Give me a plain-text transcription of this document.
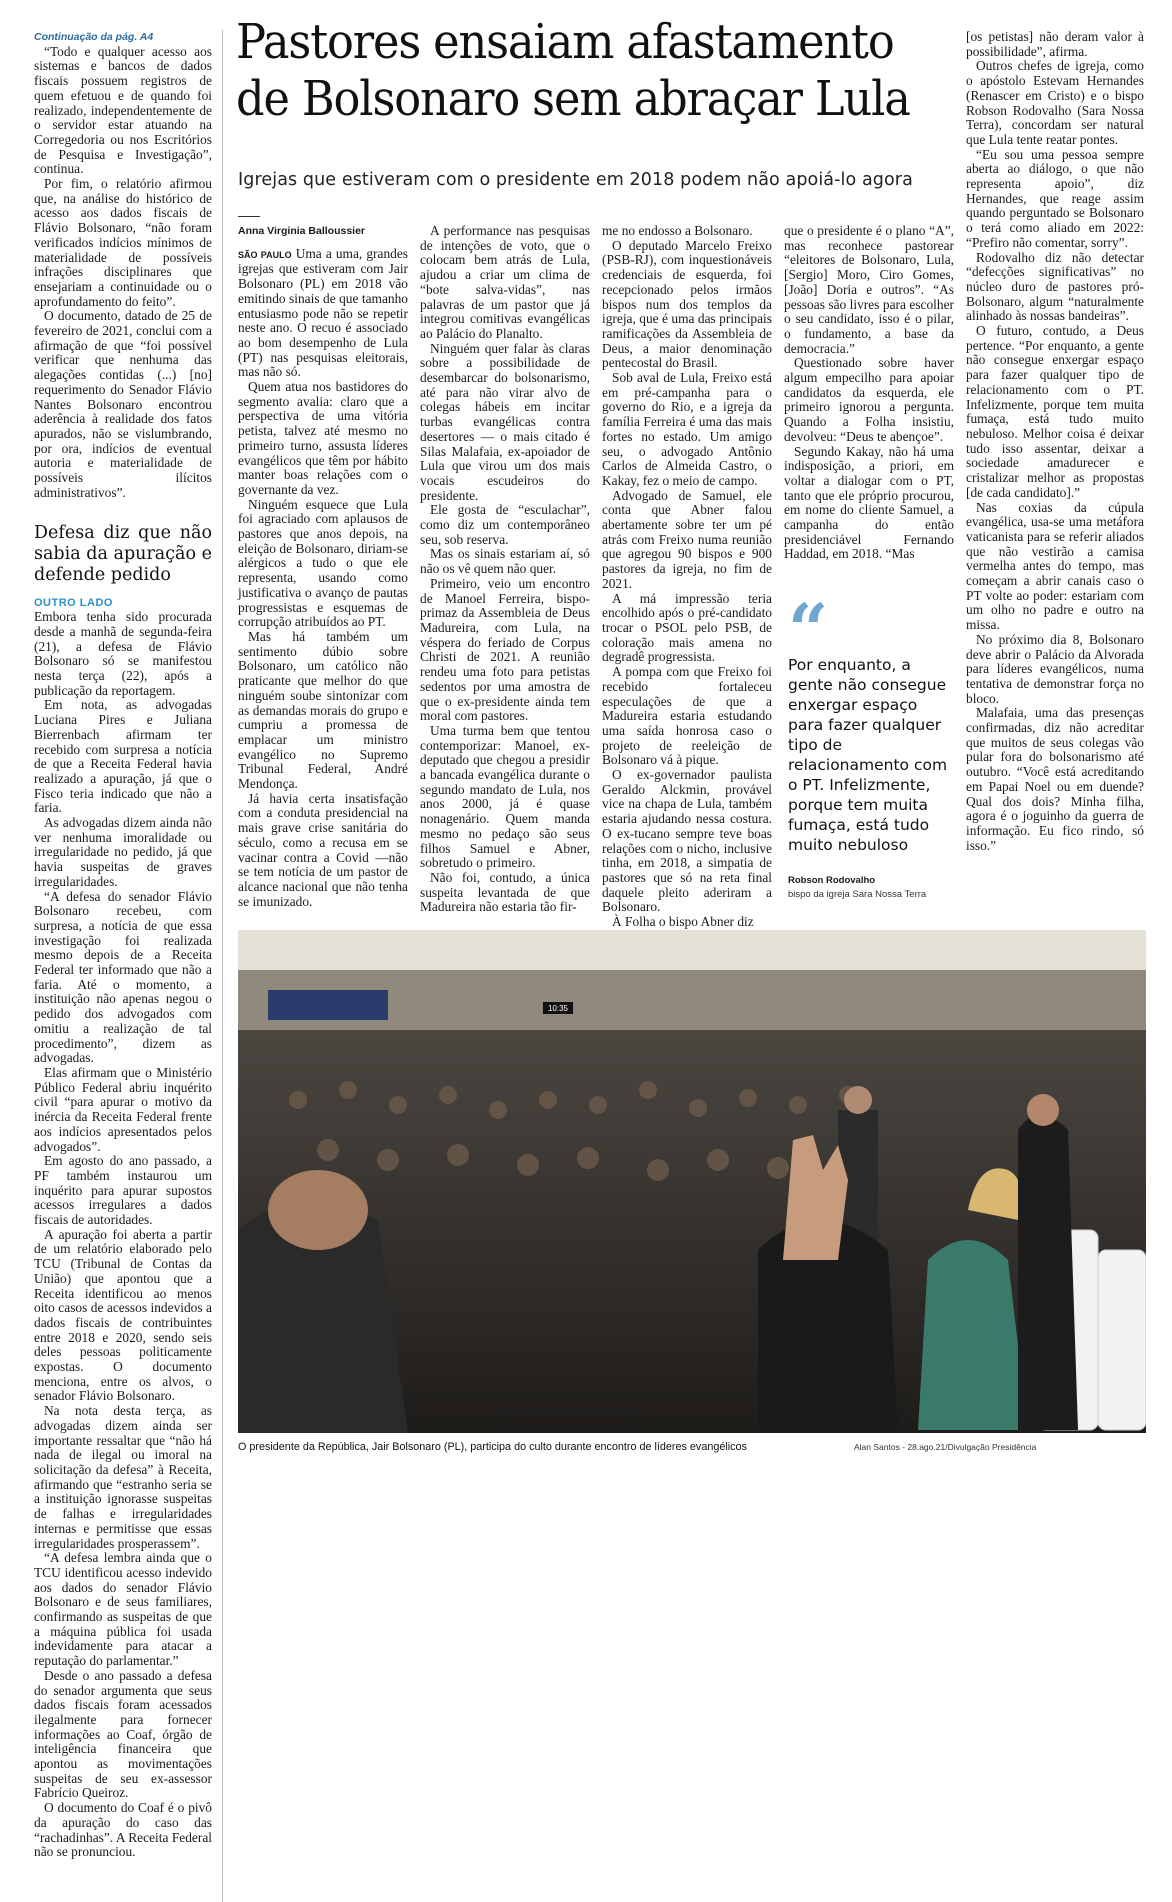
Continuação da pág. A4

“Todo e qualquer acesso aos sistemas e bancos de dados fiscais possuem registros de quem efetuou e de quando foi realizado, independentemente de o servidor estar atuando na Corregedoria ou nos Escritórios de Pesquisa e Investigação”, continua.

Por fim, o relatório afirmou que, na análise do histórico de acesso aos dados fiscais de Flávio Bolsonaro, “não foram verificados indícios mínimos de materialidade de possíveis infrações disciplinares que ensejariam a continuidade ou o aprofundamento do feito”.

O documento, datado de 25 de fevereiro de 2021, conclui com a afirmação de que “foi possível verificar que nenhuma das alegações contidas (...) [no] requerimento do Senador Flávio Nantes Bolsonaro encontrou aderência à realidade dos fatos apurados, não se vislumbrando, por ora, indícios de eventual autoria e materialidade de possíveis ilícitos administrativos”.

Defesa diz que não sabia da apuração e defende pedido
OUTRO LADO

Embora tenha sido procurada desde a manhã de segunda-feira (21), a defesa de Flávio Bolsonaro só se manifestou nesta terça (22), após a publicação da reportagem.

Em nota, as advogadas Luciana Pires e Juliana Bierrenbach afirmam ter recebido com surpresa a notícia de que a Receita Federal havia realizado a apuração, já que o Fisco teria indicado que não a faria.

As advogadas dizem ainda não ver nenhuma imoralidade ou irregularidade no pedido, já que havia suspeitas de graves irregularidades.

“A defesa do senador Flávio Bolsonaro recebeu, com surpresa, a notícia de que essa investigação foi realizada mesmo depois de a Receita Federal ter informado que não a faria. Até o momento, a instituição não apenas negou o pedido dos advogados com omitiu a realização de tal procedimento”, dizem as advogadas.

Elas afirmam que o Ministério Público Federal abriu inquérito civil “para apurar o motivo da inércia da Receita Federal frente aos indícios apresentados pelos advogados”.

Em agosto do ano passado, a PF também instaurou um inquérito para apurar supostos acessos irregulares a dados fiscais de autoridades.

A apuração foi aberta a partir de um relatório elaborado pelo TCU (Tribunal de Contas da União) que apontou que a Receita identificou ao menos oito casos de acessos indevidos a dados fiscais de contribuintes entre 2018 e 2020, sendo seis deles pessoas politicamente expostas. O documento menciona, entre os alvos, o senador Flávio Bolsonaro.

Na nota desta terça, as advogadas dizem ainda ser importante ressaltar que “não há nada de ilegal ou imoral na solicitação da defesa” à Receita, afirmando que “estranho seria se a instituição ignorasse suspeitas de falhas e irregularidades internas e permitisse que essas irregularidades prosperassem”.

“A defesa lembra ainda que o TCU identificou acesso indevido aos dados do senador Flávio Bolsonaro e de seus familiares, confirmando as suspeitas de que a máquina pública foi usada indevidamente para atacar a reputação do parlamentar.”

Desde o ano passado a defesa do senador argumenta que seus dados fiscais foram acessados ilegalmente para fornecer informações ao Coaf, órgão de inteligência financeira que apontou as movimentações suspeitas de seu ex-assessor Fabrício Queiroz.

O documento do Coaf é o pivô da apuração do caso das “rachadinhas”. A Receita Federal não se pronunciou.

Pastores ensaiam afastamento
de Bolsonaro sem abraçar Lula
Igrejas que estiveram com o presidente em 2018 podem não apoiá-lo agora
Anna Virginia Balloussier

SÃO PAULO Uma a uma, grandes igrejas que estiveram com Jair Bolsonaro (PL) em 2018 vão emitindo sinais de que tamanho entusiasmo pode não se repetir neste ano. O recuo é associado ao bom desempenho de Lula (PT) nas pesquisas eleitorais, mas não só.

Quem atua nos bastidores do segmento avalia: claro que a perspectiva de uma vitória petista, talvez até mesmo no primeiro turno, assusta líderes evangélicos que têm por hábito manter boas relações com o governante da vez.

Ninguém esquece que Lula foi agraciado com aplausos de pastores que anos depois, na eleição de Bolsonaro, diriam-se alérgicos a tudo o que ele representa, usando como justificativa o avanço de pautas progressistas e esquemas de corrupção atribuídos ao PT.

Mas há também um sentimento dúbio sobre Bolsonaro, um católico não praticante que melhor do que ninguém soube sintonizar com as demandas morais do grupo e cumpriu a promessa de emplacar um ministro evangélico no Supremo Tribunal Federal, André Mendonça.

Já havia certa insatisfação com a conduta presidencial na mais grave crise sanitária do século, como a recusa em se vacinar contra a Covid —não se tem notícia de um pastor de alcance nacional que não tenha se imunizado.

A performance nas pesquisas de intenções de voto, que o colocam bem atrás de Lula, ajudou a criar um clima de “bote salva-vidas”, nas palavras de um pastor que já integrou comitivas evangélicas ao Palácio do Planalto.

Ninguém quer falar às claras sobre a possibilidade de desembarcar do bolsonarismo, até para não virar alvo de colegas hábeis em incitar turbas evangélicas contra desertores — o mais citado é Silas Malafaia, ex-apoiador de Lula que virou um dos mais vocais escudeiros do presidente.

Ele gosta de “esculachar”, como diz um contemporâneo seu, sob reserva.

Mas os sinais estariam aí, só não os vê quem não quer.

Primeiro, veio um encontro de Manoel Ferreira, bispo-primaz da Assembleia de Deus Madureira, com Lula, na véspera do feriado de Corpus Christi de 2021. A reunião rendeu uma foto para petistas sedentos por uma amostra de que o ex-presidente ainda tem moral com pastores.

Uma turma bem que tentou contemporizar: Manoel, ex-deputado que chegou a presidir a bancada evangélica durante o segundo mandato de Lula, nos anos 2000, já é quase nonagenário. Quem manda mesmo no pedaço são seus filhos Samuel e Abner, sobretudo o primeiro.

Não foi, contudo, a única suspeita levantada de que Madureira não estaria tão fir-

me no endosso a Bolsonaro.

O deputado Marcelo Freixo (PSB-RJ), com inquestionáveis credenciais de esquerda, foi recepcionado pelos irmãos bispos num dos templos da igreja, que é uma das principais ramificações da Assembleia de Deus, a maior denominação pentecostal do Brasil.

Sob aval de Lula, Freixo está em pré-campanha para o governo do Rio, e a igreja da família Ferreira é uma das mais fortes no estado. Um amigo seu, o advogado Antônio Carlos de Almeida Castro, o Kakay, fez o meio de campo.

Advogado de Samuel, ele conta que Abner falou abertamente sobre ter um pé atrás com Freixo numa reunião que agregou 90 bispos e 900 pastores da igreja, no fim de 2021.

A má impressão teria encolhido após o pré-candidato trocar o PSOL pelo PSB, de coloração mais amena no degradê progressista.

A pompa com que Freixo foi recebido fortaleceu especulações de que a Madureira estaria estudando uma saída honrosa caso o projeto de reeleição de Bolsonaro vá à pique.

O ex-governador paulista Geraldo Alckmin, provável vice na chapa de Lula, também estaria ajudando nessa costura. O ex-tucano sempre teve boas relações com o nicho, inclusive tinha, em 2018, a simpatia de pastores que só na reta final daquele pleito aderiram a Bolsonaro.

À Folha o bispo Abner diz

que o presidente é o plano “A”, mas reconhece pastorear “eleitores de Bolsonaro, Lula, [Sergio] Moro, Ciro Gomes, [João] Doria e outros”. “As pessoas são livres para escolher o seu candidato, isso é o pilar, o fundamento, a base da democracia.”

Questionado sobre haver algum empecilho para apoiar candidatos da esquerda, ele primeiro ignorou a pergunta. Quando a Folha insistiu, devolveu: “Deus te abençoe”.

Segundo Kakay, não há uma indisposição, a priori, em voltar a dialogar com o PT, tanto que ele próprio procurou, em nome do cliente Samuel, a campanha do então presidenciável Fernando Haddad, em 2018. “Mas

“
Por enquanto, a gente não consegue enxergar espaço para fazer qualquer tipo de relacionamento com o PT. Infelizmente, porque tem muita fumaça, está tudo muito nebuloso
Robson Rodovalho
bispo da igreja Sara Nossa Terra

[os petistas] não deram valor à possibilidade”, afirma.

Outros chefes de igreja, como o apóstolo Estevam Hernandes (Renascer em Cristo) e o bispo Robson Rodovalho (Sara Nossa Terra), concordam ser natural que Lula tente reatar pontes.

“Eu sou uma pessoa sempre aberta ao diálogo, o que não representa apoio”, diz Hernandes, que reage assim quando perguntado se Bolsonaro o terá como aliado em 2022: “Prefiro não comentar, sorry”.

Rodovalho diz não detectar “defecções significativas” no núcleo duro de pastores pró-Bolsonaro, algum “naturalmente alinhado às nossas bandeiras”.

O futuro, contudo, a Deus pertence. “Por enquanto, a gente não consegue enxergar espaço para fazer qualquer tipo de relacionamento com o PT. Infelizmente, porque tem muita fumaça, está tudo muito nebuloso. Melhor coisa é deixar tudo isso assentar, deixar a sociedade amadurecer e cristalizar melhor as propostas [de cada candidato].”

Nas coxias da cúpula evangélica, usa-se uma metáfora vaticanista para se referir aliados que não vestirão a camisa vermelha antes do tempo, mas começam a abrir canais caso o PT volte ao poder: estariam com um olho no padre e outro na missa.

No próximo dia 8, Bolsonaro deve abrir o Palácio da Alvorada para líderes evangélicos, numa tentativa de demonstrar força no bloco.

Malafaia, uma das presenças confirmadas, diz não acreditar que muitos de seus colegas vão pular fora do bolsonarismo até outubro. “Você está acreditando em Papai Noel ou em duende? Qual dos dois? Minha filha, agora é o joguinho da guerra de informação. Eu fico rindo, só isso.”

10:35
O presidente da República, Jair Bolsonaro (PL), participa do culto durante encontro de líderes evangélicos	Alan Santos - 28.ago.21/Divulgação Presidência
